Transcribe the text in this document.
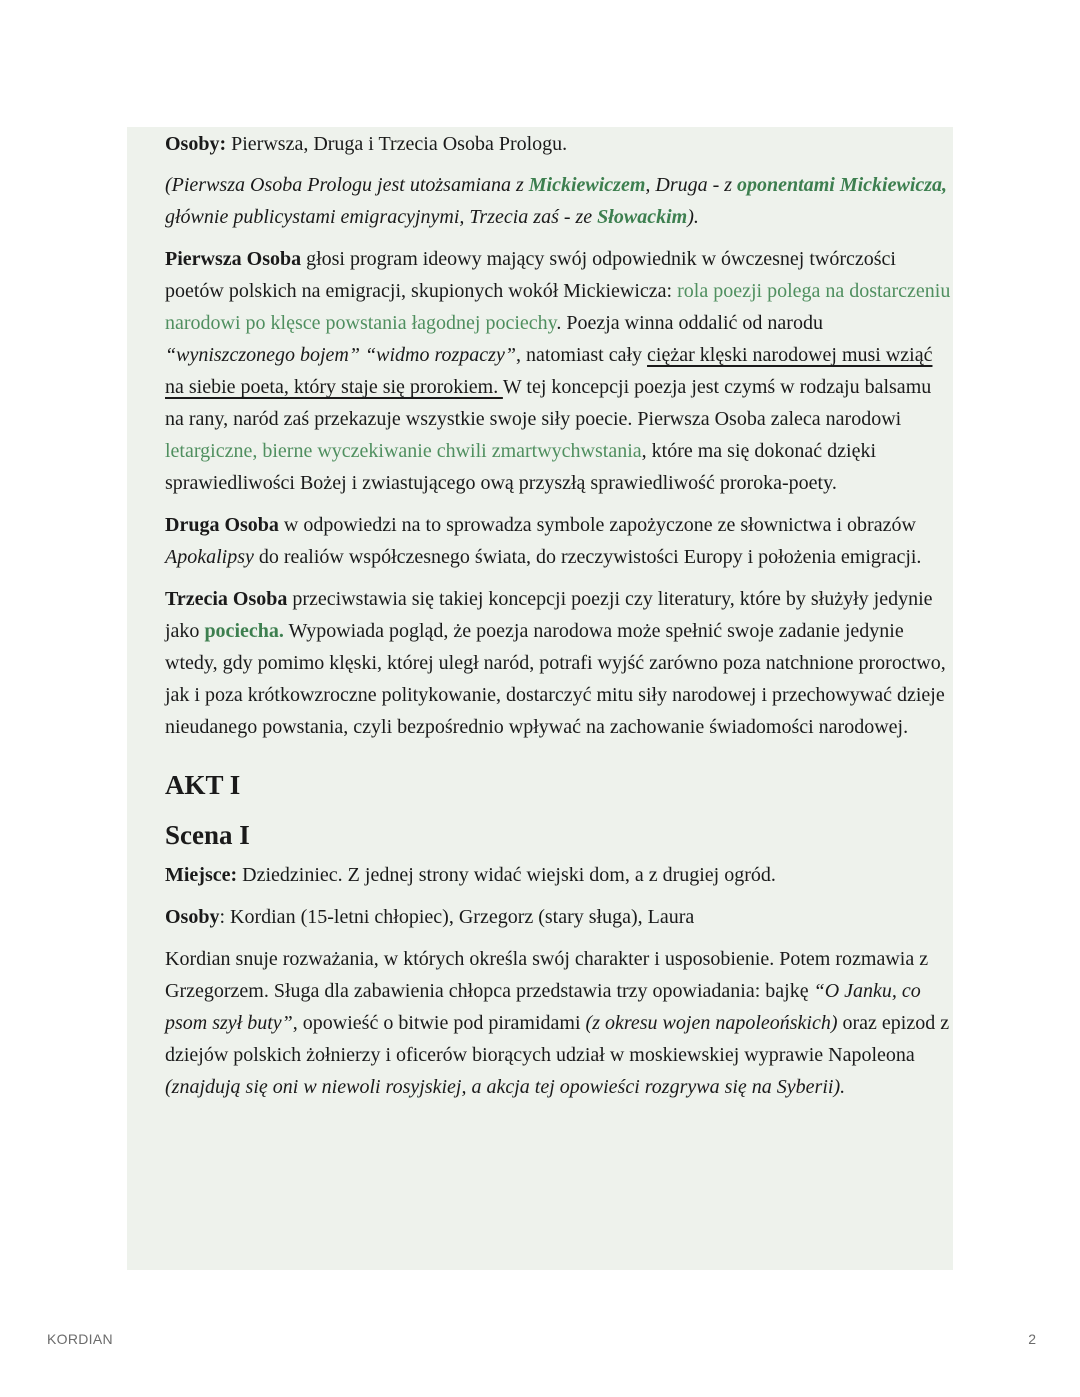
Osoby: Pierwsza, Druga i Trzecia Osoba Prologu.

(Pierwsza Osoba Prologu jest utożsamiana z Mickiewiczem, Druga - z oponentami Mickiewicza, głównie publicystami emigracyjnymi, Trzecia zaś - ze Słowackim).

Pierwsza Osoba głosi program ideowy mający swój odpowiednik w ówczesnej twórczości poetów polskich na emigracji, skupionych wokół Mickiewicza: rola poezji polega na dostarczeniu narodowi po klęsce powstania łagodnej pociechy. Poezja winna oddalić od narodu “wyniszczonego bojem” “widmo rozpaczy”, natomiast cały ciężar klęski narodowej musi wziąć na siebie poeta, który staje się prorokiem. W tej koncepcji poezja jest czymś w rodzaju balsamu na rany, naród zaś przekazuje wszystkie swoje siły poecie. Pierwsza Osoba zaleca narodowi letargiczne, bierne wyczekiwanie chwili zmartwychwstania, które ma się dokonać dzięki sprawiedliwości Bożej i zwiastującego ową przyszłą sprawiedliwość proroka-poety.

Druga Osoba w odpowiedzi na to sprowadza symbole zapożyczone ze słownictwa i obrazów Apokalipsy do realiów współczesnego świata, do rzeczywistości Europy i położenia emigracji.

Trzecia Osoba przeciwstawia się takiej koncepcji poezji czy literatury, które by służyły jedynie jako pociecha. Wypowiada pogląd, że poezja narodowa może spełnić swoje zadanie jedynie wtedy, gdy pomimo klęski, której uległ naród, potrafi wyjść zarówno poza natchnione proroctwo, jak i poza krótkowzroczne politykowanie, dostarczyć mitu siły narodowej i przechowywać dzieje nieudanego powstania, czyli bezpośrednio wpływać na zachowanie świadomości narodowej.

AKT I
Scena I

Miejsce: Dziedziniec. Z jednej strony widać wiejski dom, a z drugiej ogród.

Osoby: Kordian (15-letni chłopiec), Grzegorz (stary sługa), Laura

Kordian snuje rozważania, w których określa swój charakter i usposobienie. Potem rozmawia z Grzegorzem. Sługa dla zabawienia chłopca przedstawia trzy opowiadania: bajkę “O Janku, co psom szył buty”, opowieść o bitwie pod piramidami (z okresu wojen napoleońskich) oraz epizod z dziejów polskich żołnierzy i oficerów biorących udział w moskiewskiej wyprawie Napoleona (znajdują się oni w niewoli rosyjskiej, a akcja tej opowieści rozgrywa się na Syberii).

KORDIAN	2
